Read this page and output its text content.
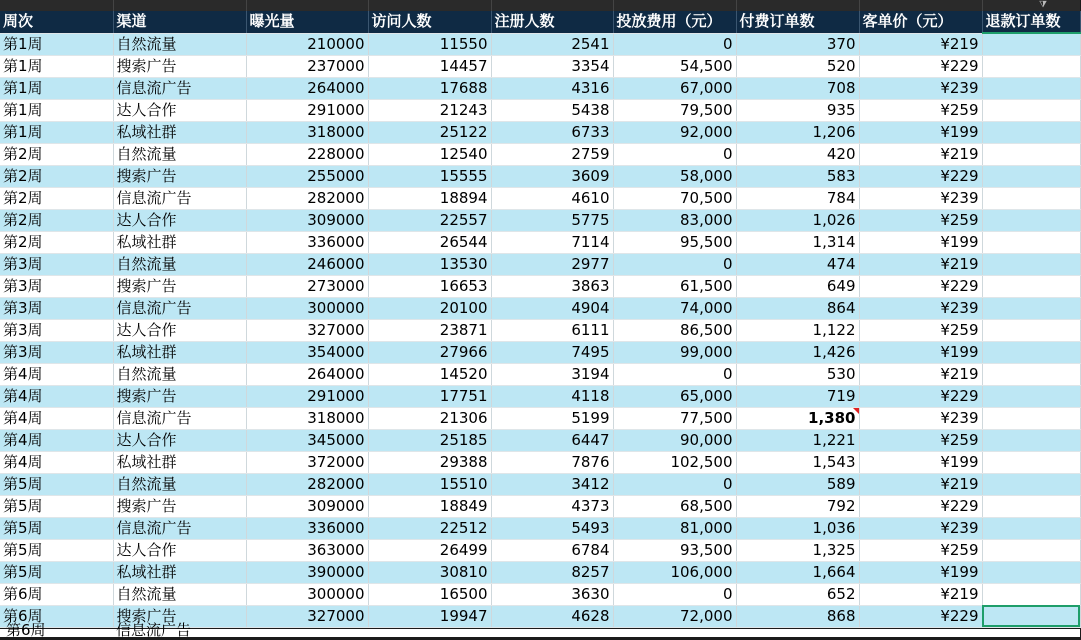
⧩
周次	渠道	曝光量	访问人数	注册人数	投放费用（元）	付费订单数	客单价（元）	退款订单数
第1周	自然流量	210000	11550	2541	0	370	¥219	
第1周	搜索广告	237000	14457	3354	54,500	520	¥229	
第1周	信息流广告	264000	17688	4316	67,000	708	¥239	
第1周	达人合作	291000	21243	5438	79,500	935	¥259	
第1周	私域社群	318000	25122	6733	92,000	1,206	¥199	
第2周	自然流量	228000	12540	2759	0	420	¥219	
第2周	搜索广告	255000	15555	3609	58,000	583	¥229	
第2周	信息流广告	282000	18894	4610	70,500	784	¥239	
第2周	达人合作	309000	22557	5775	83,000	1,026	¥259	
第2周	私域社群	336000	26544	7114	95,500	1,314	¥199	
第3周	自然流量	246000	13530	2977	0	474	¥219	
第3周	搜索广告	273000	16653	3863	61,500	649	¥229	
第3周	信息流广告	300000	20100	4904	74,000	864	¥239	
第3周	达人合作	327000	23871	6111	86,500	1,122	¥259	
第3周	私域社群	354000	27966	7495	99,000	1,426	¥199	
第4周	自然流量	264000	14520	3194	0	530	¥219	
第4周	搜索广告	291000	17751	4118	65,000	719	¥229	
第4周	信息流广告	318000	21306	5199	77,500	1,380	¥239	
第4周	达人合作	345000	25185	6447	90,000	1,221	¥259	
第4周	私域社群	372000	29388	7876	102,500	1,543	¥199	
第5周	自然流量	282000	15510	3412	0	589	¥219	
第5周	搜索广告	309000	18849	4373	68,500	792	¥229	
第5周	信息流广告	336000	22512	5493	81,000	1,036	¥239	
第5周	达人合作	363000	26499	6784	93,500	1,325	¥259	
第5周	私域社群	390000	30810	8257	106,000	1,664	¥199	
第6周	自然流量	300000	16500	3630	0	652	¥219	
第6周	搜索广告	327000	19947	4628	72,000	868	¥229	
第6周	信息流广告
